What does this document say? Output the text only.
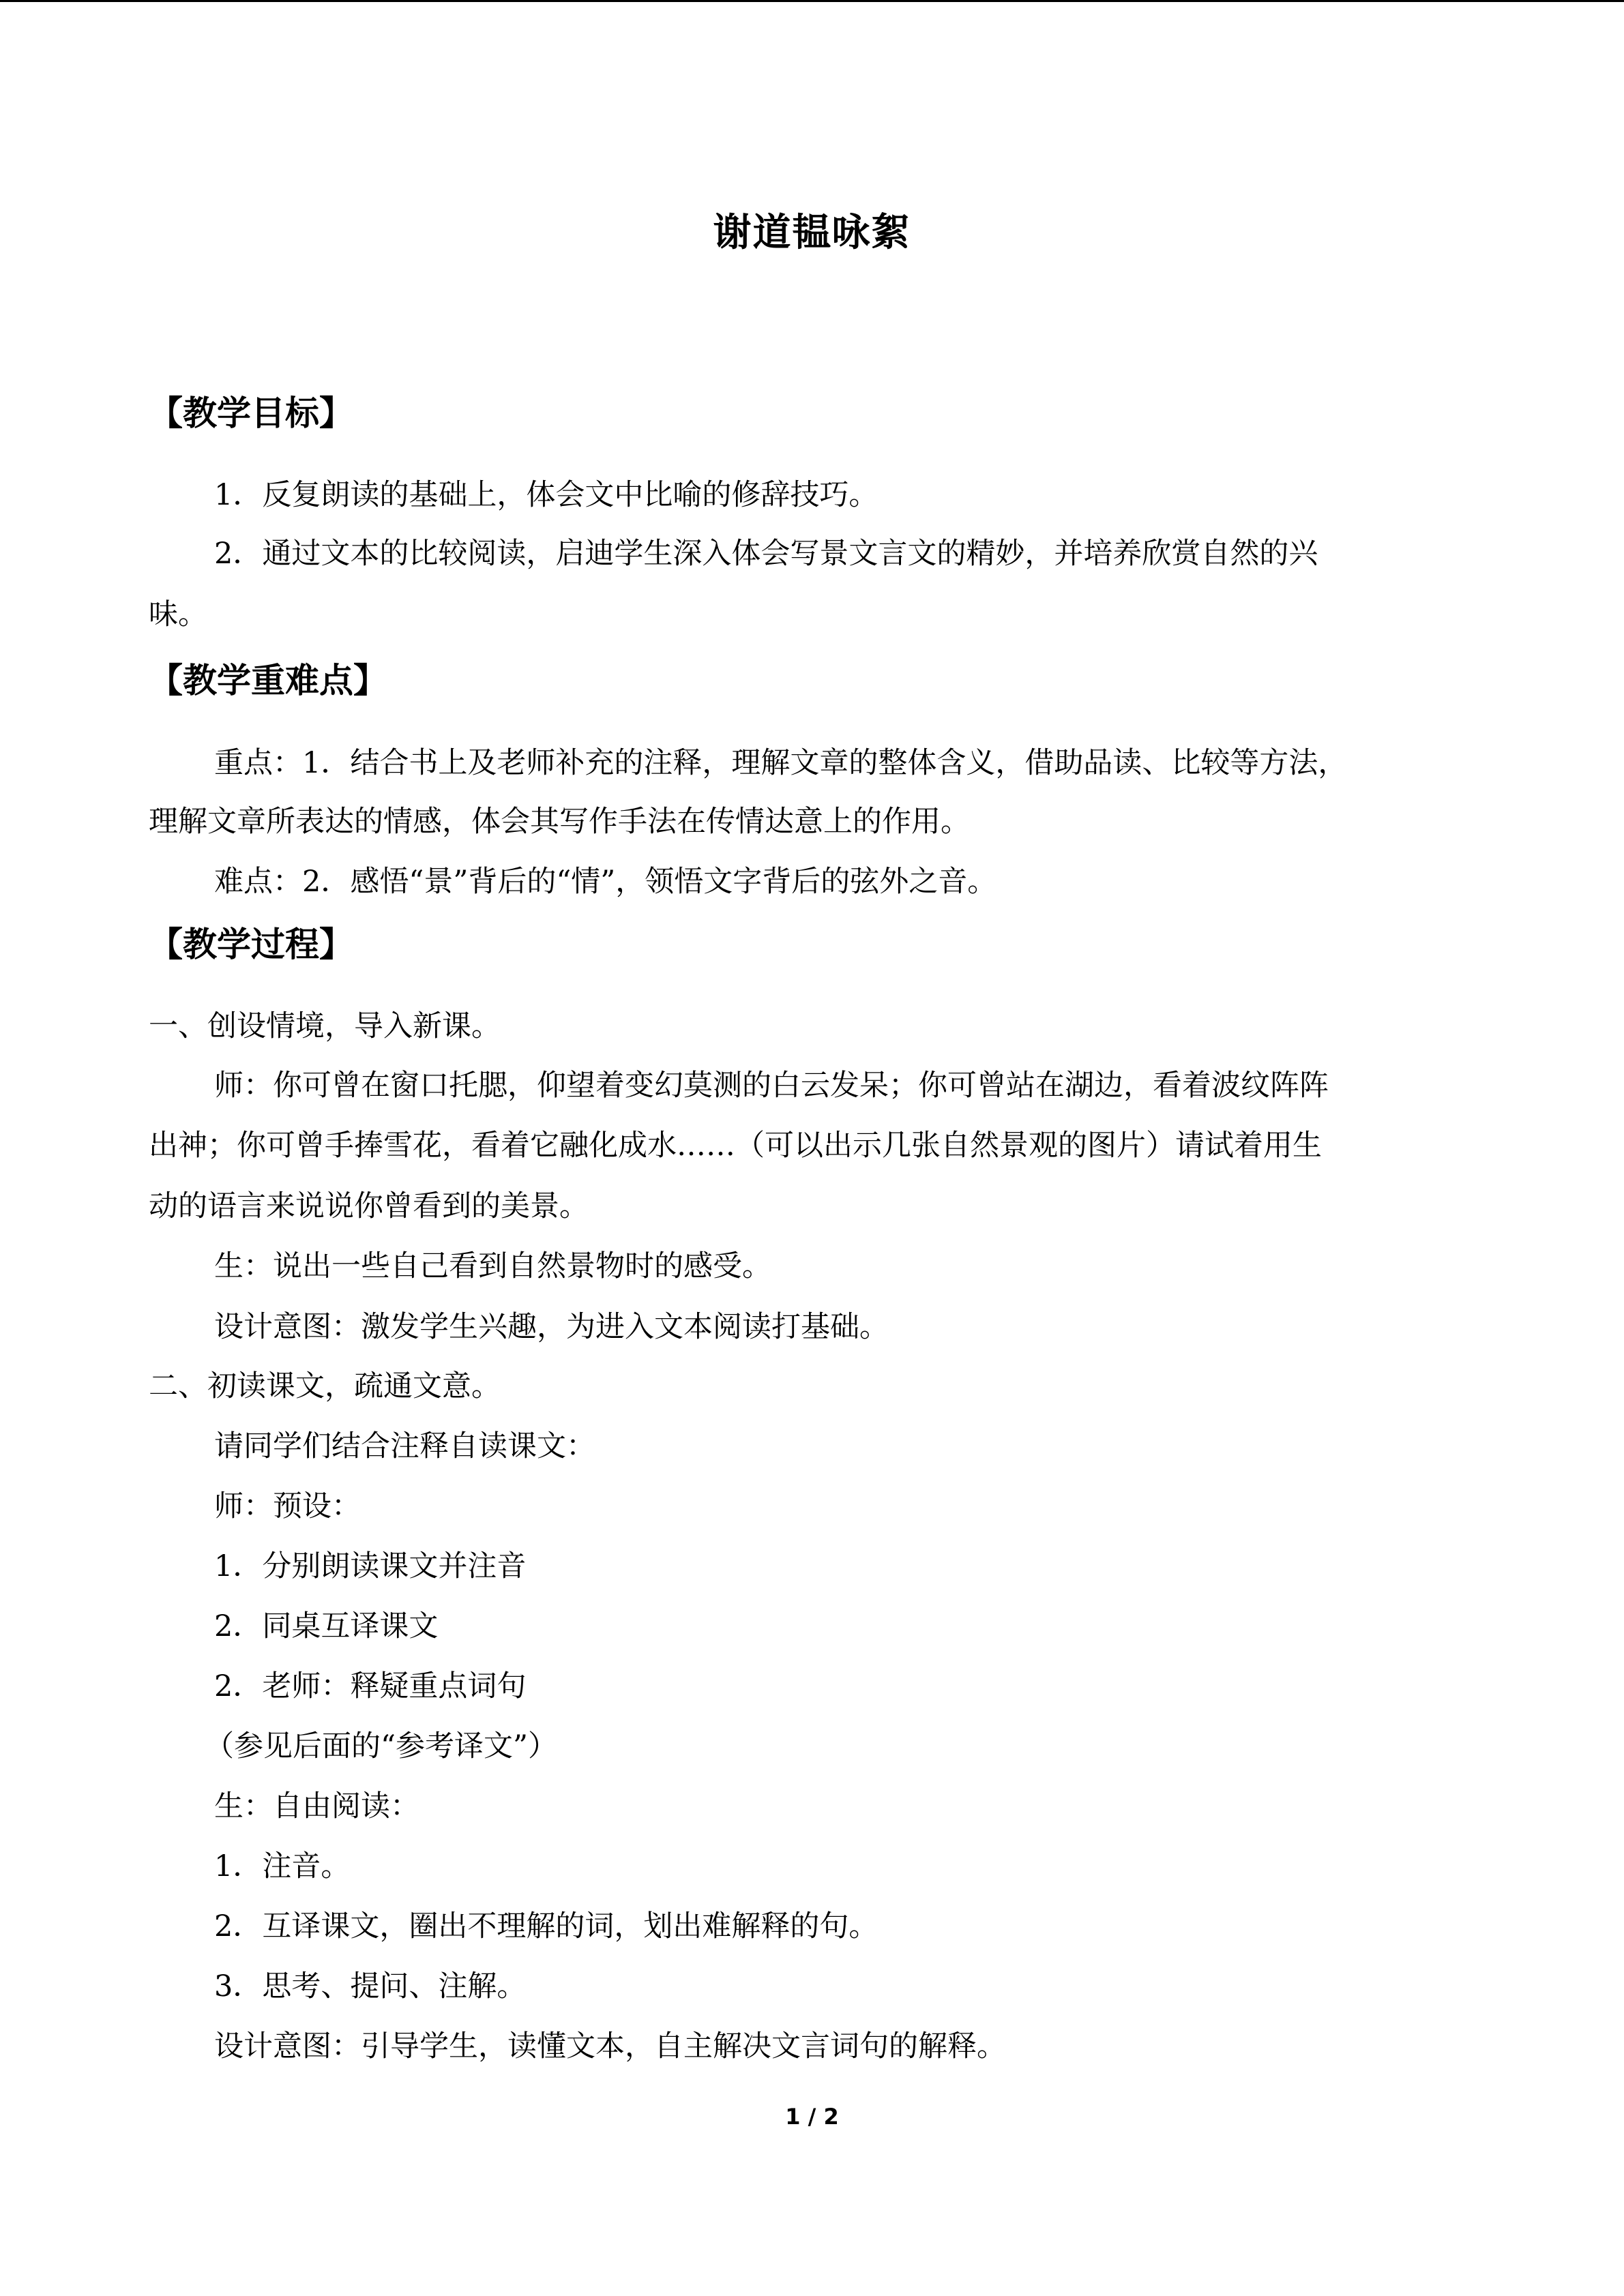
谢道韫咏絮
【教学目标】
1．反复朗读的基础上，体会文中比喻的修辞技巧。
2．通过文本的比较阅读，启迪学生深入体会写景文言文的精妙，并培养欣赏自然的兴
味。
【教学重难点】
重点：1．结合书上及老师补充的注释，理解文章的整体含义，借助品读、比较等方法，
理解文章所表达的情感，体会其写作手法在传情达意上的作用。
难点：2．感悟“景”背后的“情”，领悟文字背后的弦外之音。
【教学过程】
一、创设情境，导入新课。
师：你可曾在窗口托腮，仰望着变幻莫测的白云发呆；你可曾站在湖边，看着波纹阵阵
出神；你可曾手捧雪花，看着它融化成水……（可以出示几张自然景观的图片）请试着用生
动的语言来说说你曾看到的美景。
生：说出一些自己看到自然景物时的感受。
设计意图：激发学生兴趣，为进入文本阅读打基础。
二、初读课文，疏通文意。
请同学们结合注释自读课文：
师：预设：
1．分别朗读课文并注音
2．同桌互译课文
2．老师：释疑重点词句
（参见后面的“参考译文”）
生：自由阅读：
1．注音。
2．互译课文，圈出不理解的词，划出难解释的句。
3．思考、提问、注解。
设计意图：引导学生，读懂文本，自主解决文言词句的解释。
1 / 2
